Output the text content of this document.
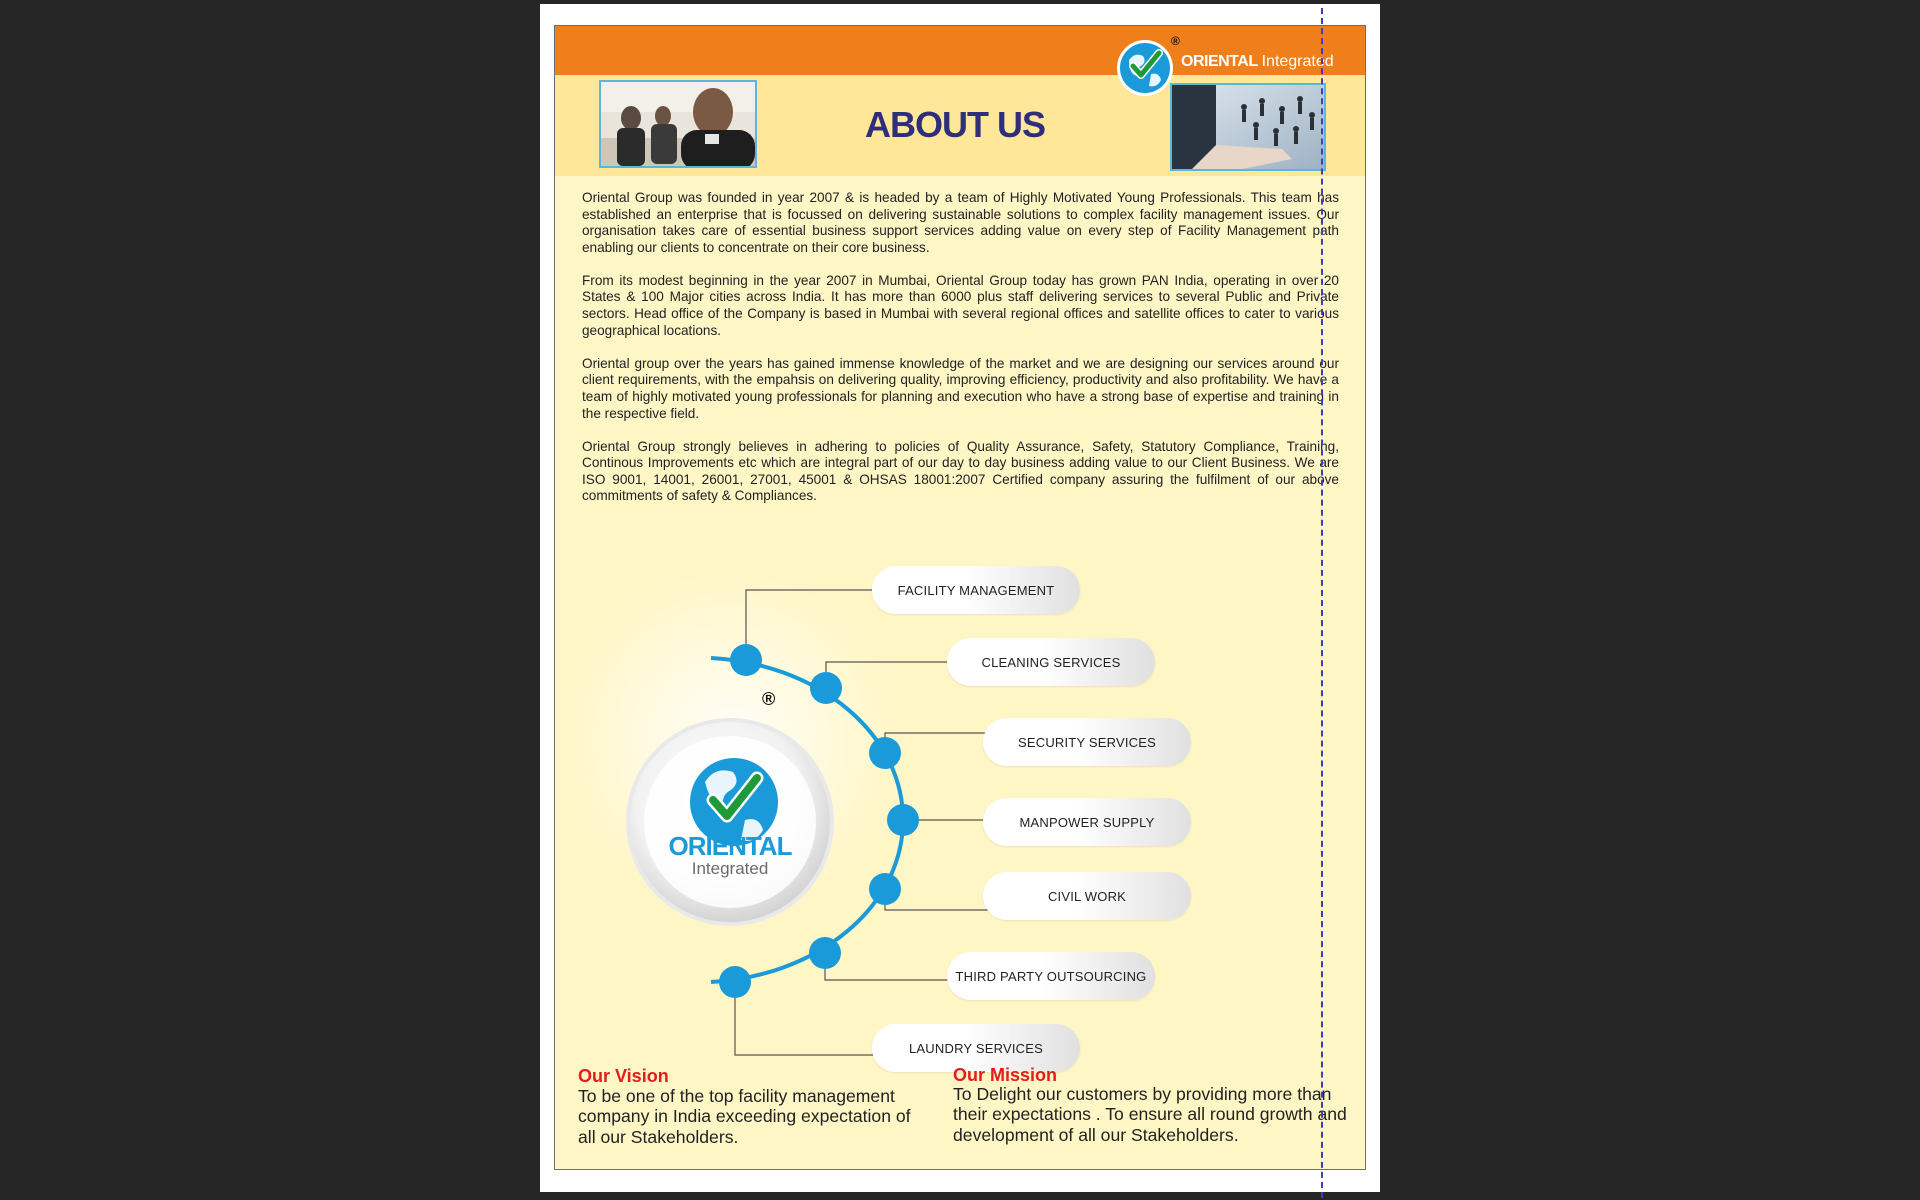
ABOUT US
®
ORIENTAL Integrated

Oriental Group was founded in year 2007 & is headed by a team of Highly Motivated Young Professionals. This team has established an enterprise that is focussed on delivering sustainable solutions to complex facility management issues. Our organisation takes care of essential business support services adding value on every step of Facility Management path enabling our clients to concentrate on their core business.

From its modest beginning in the year 2007 in Mumbai, Oriental Group today has grown PAN India, operating in over 20 States & 100 Major cities across India. It has more than 6000 plus staff delivering services to several Public and Private sectors. Head office of the Company is based in Mumbai with several regional offices and satellite offices to cater to various geographical locations.

Oriental group over the years has gained immense knowledge of the market and we are designing our services around our client requirements, with the empahsis on delivering quality, improving efficiency, productivity and also profitability. We have a team of highly motivated young professionals for planning and execution who have a strong base of expertise and training in the respective field.

Oriental Group strongly believes in adhering to policies of Quality Assurance, Safety, Statutory Compliance, Training, Continous Improvements etc which are integral part of our day to day business adding value to our Client Business. We are ISO 9001, 14001, 26001, 27001, 45001 & OHSAS 18001:2007 Certified company assuring the fulfilment of our above commitments of safety & Compliances.

®
ORIENTAL
Integrated
FACILITY MANAGEMENT
CLEANING SERVICES
SECURITY SERVICES
MANPOWER SUPPLY
CIVIL WORK
THIRD PARTY OUTSOURCING
LAUNDRY SERVICES
Our Vision
To be one of the top facility management company in India exceeding expectation of all our Stakeholders.
Our Mission
To Delight our customers by providing more than their expectations . To ensure all round growth and development of all our Stakeholders.
